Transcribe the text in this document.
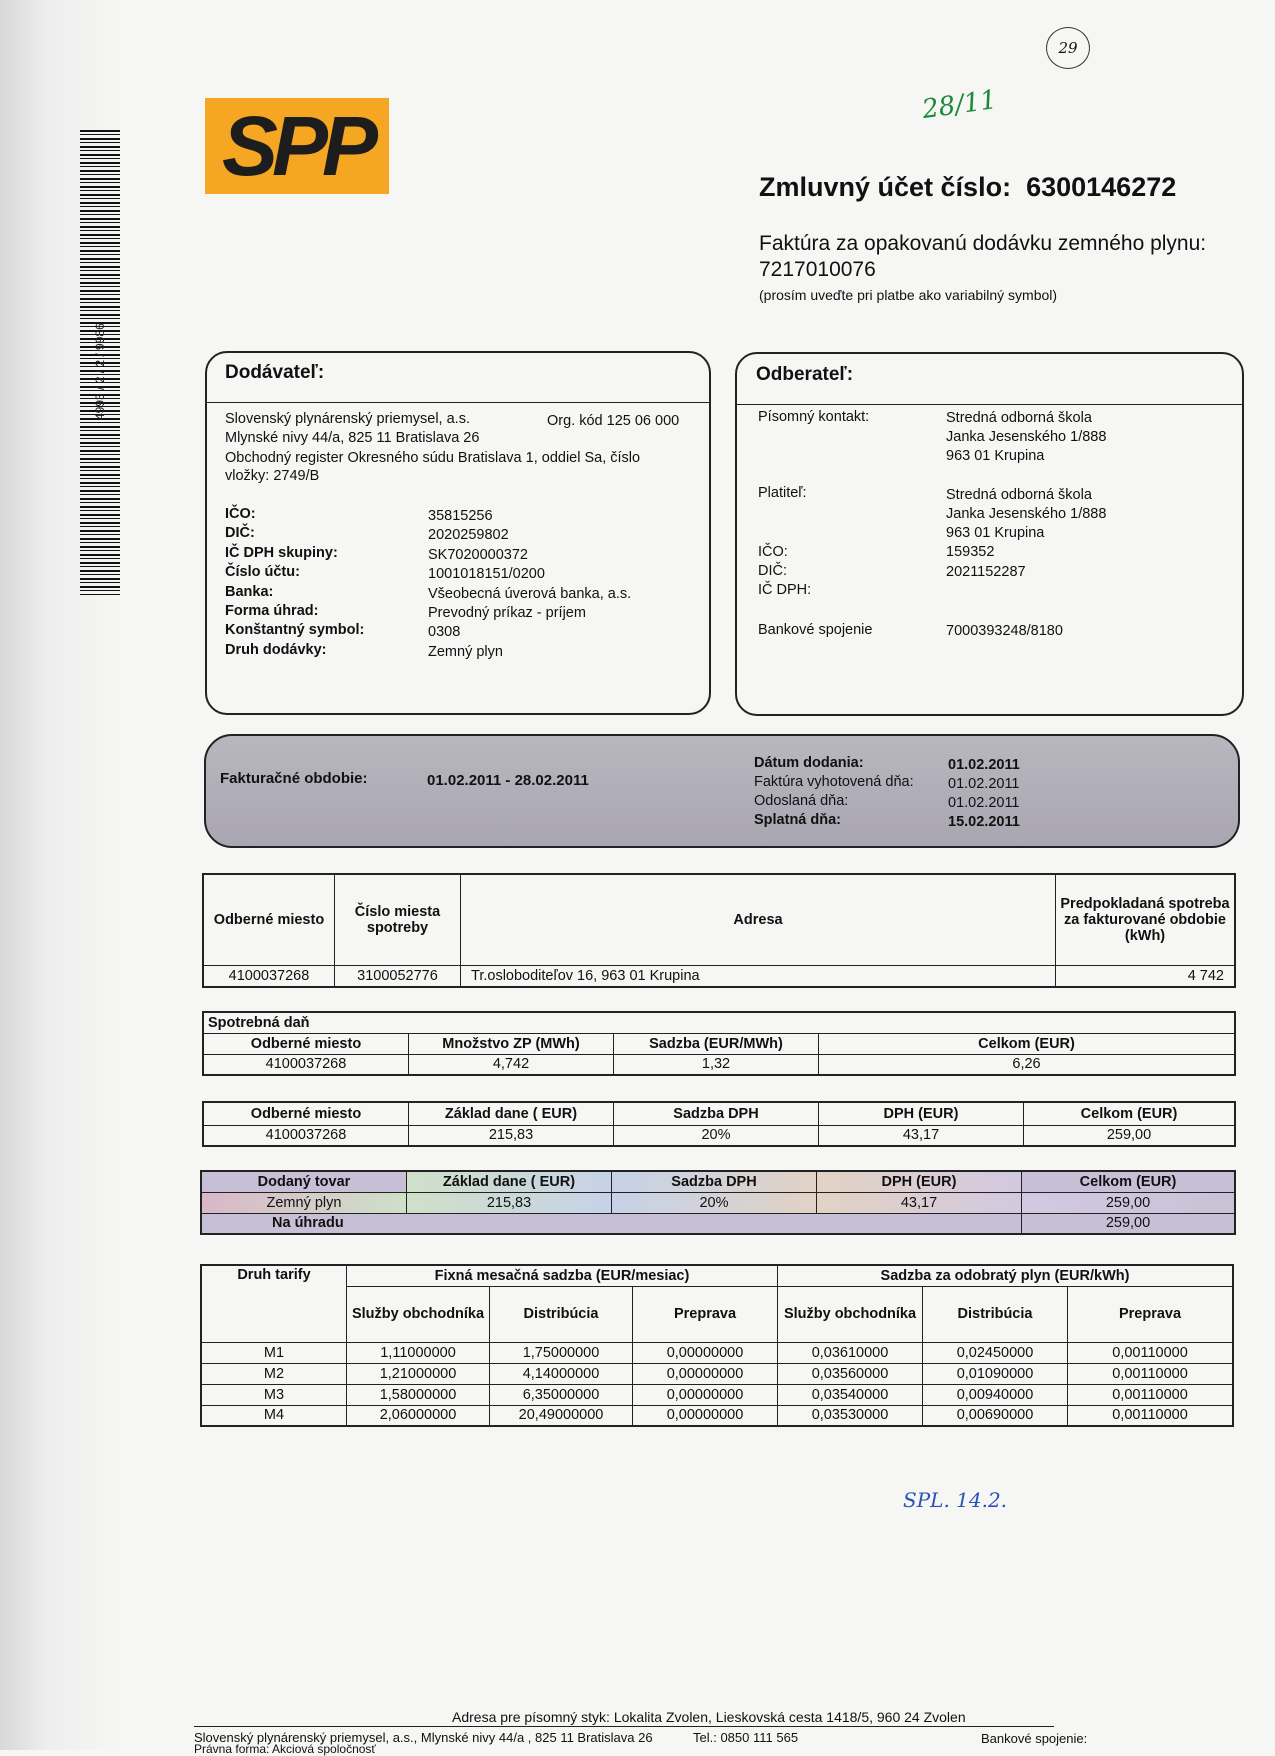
4993 / 2 / 2 / 9986
SPP
29
28/11
Zmluvný účet číslo: 6300146272
Faktúra za opakovanú dodávku zemného plynu:
7217010076
(prosím uveďte pri platbe ako variabilný symbol)
Dodávateľ:
Slovenský plynárenský priemysel, a.s.	Org. kód 125 06 000
Mlynské nivy 44/a, 825 11 Bratislava 26
Obchodný register Okresného súdu Bratislava 1, oddiel Sa, číslo
vložky: 2749/B
IČO:	35815256
DIČ:	2020259802
IČ DPH skupiny:	SK7020000372
Číslo účtu:	1001018151/0200
Banka:	Všeobecná úverová banka, a.s.
Forma úhrad:	Prevodný príkaz - príjem
Konštantný symbol:	0308
Druh dodávky:	Zemný plyn
Odberateľ:
Písomný kontakt:	Stredná odborná škola
Janka Jesenského 1/888
963 01 Krupina
Platiteľ:	Stredná odborná škola
Janka Jesenského 1/888
963 01 Krupina
IČO:	159352
DIČ:	2021152287
IČ DPH:
Bankové spojenie	7000393248/8180
Fakturačné obdobie:	01.02.2011 - 28.02.2011
Dátum dodania:	01.02.2011
Faktúra vyhotovená dňa: 01.02.2011
Odoslaná dňa:	01.02.2011
Splatná dňa:	15.02.2011
Odberné miesto	Číslo miesta spotreby	Adresa	Predpokladaná spotreba za fakturované obdobie (kWh)
4100037268	3100052776	Tr.osloboditeľov 16, 963 01 Krupina	4 742
Spotrebná daň			
Odberné miesto	Množstvo ZP (MWh)	Sadzba (EUR/MWh)	Celkom (EUR)
4100037268	4,742	1,32	6,26
Odberné miesto	Základ dane ( EUR)	Sadzba DPH	DPH (EUR)	Celkom (EUR)
4100037268	215,83	20%	43,17	259,00
Dodaný tovar	Základ dane ( EUR)	Sadzba DPH	DPH (EUR)	Celkom (EUR)
Zemný plyn	215,83	20%	43,17	259,00
Na úhradu				259,00
Druh tarify	Fixná mesačná sadzba (EUR/mesiac)			Sadzba za odobratý plyn (EUR/kWh)		
	Služby obchodníka	Distribúcia	Preprava	Služby obchodníka	Distribúcia	Preprava
M1	1,11000000	1,75000000	0,00000000	0,03610000	0,02450000	0,00110000
M2	1,21000000	4,14000000	0,00000000	0,03560000	0,01090000	0,00110000
M3	1,58000000	6,35000000	0,00000000	0,03540000	0,00940000	0,00110000
M4	2,06000000	20,49000000	0,00000000	0,03530000	0,00690000	0,00110000
SPL. 14.2.
Adresa pre písomný styk: Lokalita Zvolen, Lieskovská cesta 1418/5, 960 24 Zvolen
Slovenský plynárenský priemysel, a.s., Mlynské nivy 44/a , 825 11 Bratislava 26	Tel.: 0850 111 565	Bankové spojenie:
Právna forma: Akciová spoločnosť
